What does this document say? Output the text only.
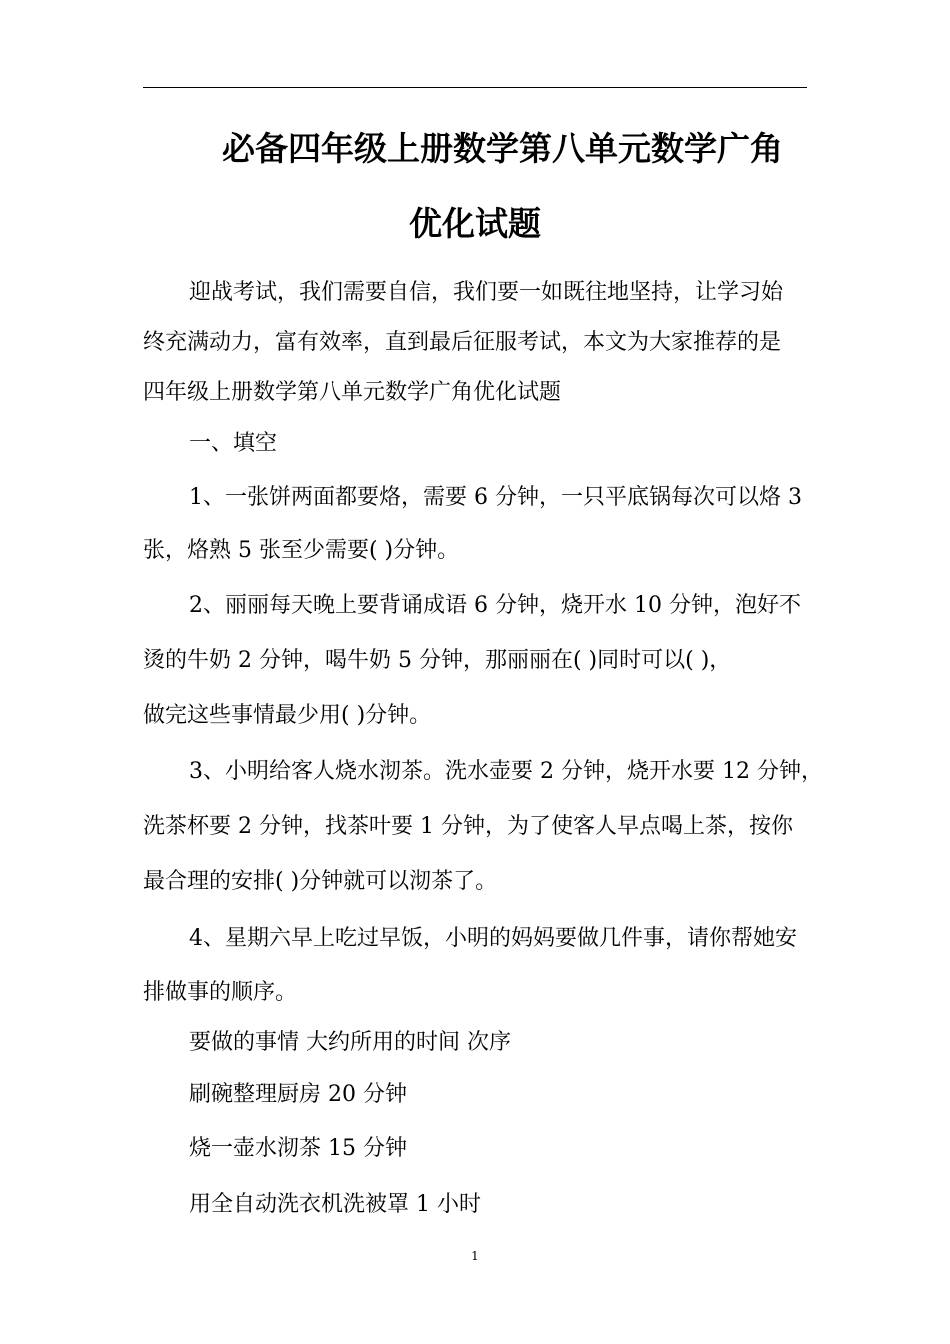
必备四年级上册数学第八单元数学广角
优化试题

迎战考试，我们需要自信，我们要一如既往地坚持，让学习始

终充满动力，富有效率，直到最后征服考试，本文为大家推荐的是

四年级上册数学第八单元数学广角优化试题

一、填空

1、一张饼两面都要烙，需要 6 分钟，一只平底锅每次可以烙 3

张，烙熟 5 张至少需要( )分钟。

2、丽丽每天晚上要背诵成语 6 分钟，烧开水 10 分钟，泡好不

烫的牛奶 2 分钟，喝牛奶 5 分钟，那丽丽在( )同时可以( )，

做完这些事情最少用( )分钟。

3、小明给客人烧水沏茶。洗水壶要 2 分钟，烧开水要 12 分钟，

洗茶杯要 2 分钟，找茶叶要 1 分钟，为了使客人早点喝上茶，按你

最合理的安排( )分钟就可以沏茶了。

4、星期六早上吃过早饭，小明的妈妈要做几件事，请你帮她安

排做事的顺序。

要做的事情 大约所用的时间 次序

刷碗整理厨房 20 分钟

烧一壶水沏茶 15 分钟

用全自动洗衣机洗被罩 1 小时

1
